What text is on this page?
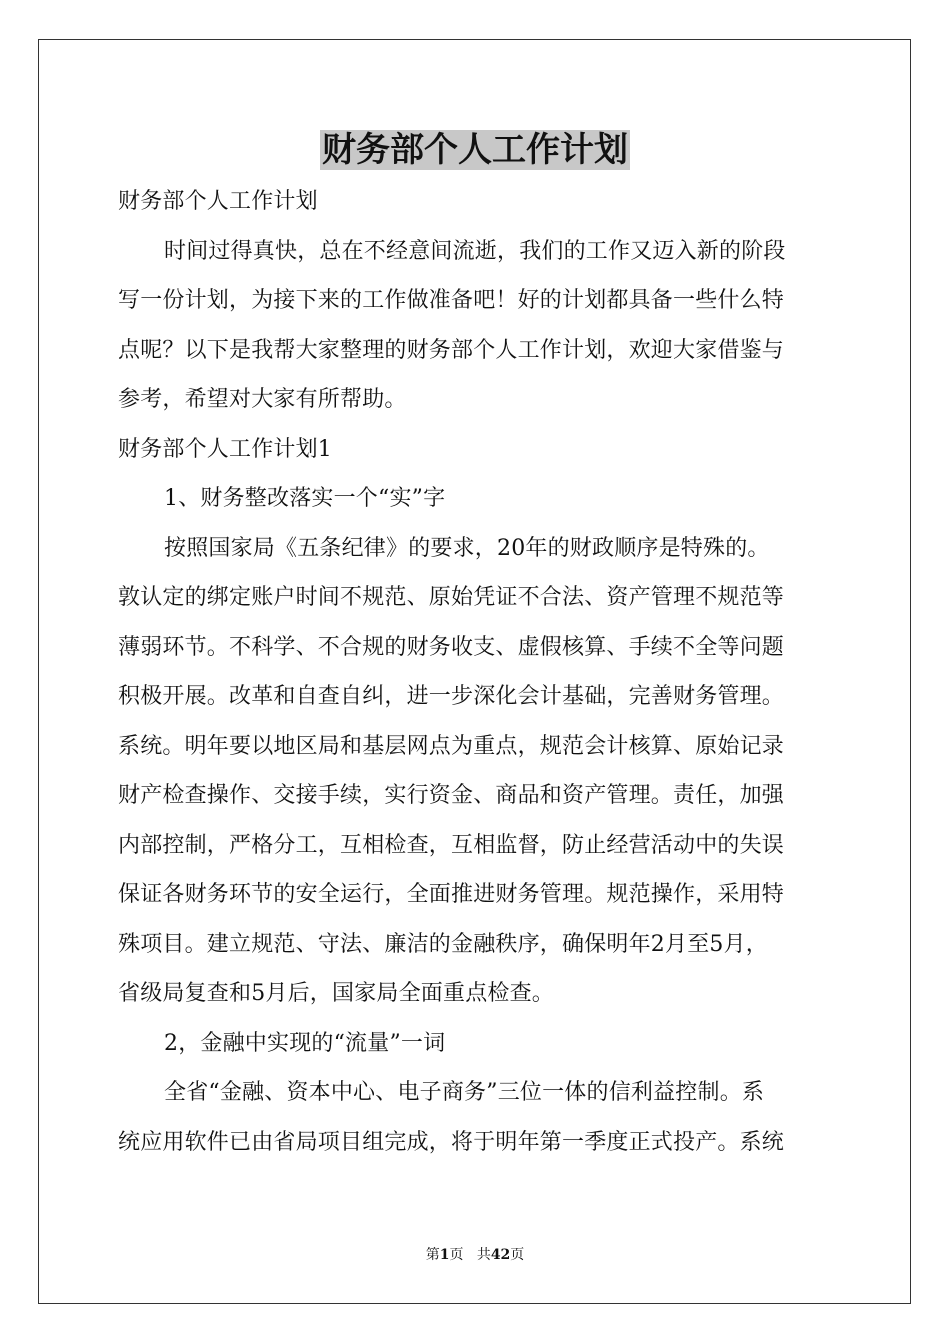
财务部个人工作计划
财务部个人工作计划
时间过得真快，总在不经意间流逝，我们的工作又迈入新的阶段
写一份计划，为接下来的工作做准备吧！好的计划都具备一些什么特
点呢？以下是我帮大家整理的财务部个人工作计划，欢迎大家借鉴与
参考，希望对大家有所帮助。
财务部个人工作计划1
1、财务整改落实一个“实”字
按照国家局《五条纪律》的要求，20年的财政顺序是特殊的。
敦认定的绑定账户时间不规范、原始凭证不合法、资产管理不规范等
薄弱环节。不科学、不合规的财务收支、虚假核算、手续不全等问题
积极开展。改革和自查自纠，进一步深化会计基础，完善财务管理。
系统。明年要以地区局和基层网点为重点，规范会计核算、原始记录
财产检查操作、交接手续，实行资金、商品和资产管理。责任，加强
内部控制，严格分工，互相检查，互相监督，防止经营活动中的失误
保证各财务环节的安全运行，全面推进财务管理。规范操作，采用特
殊项目。建立规范、守法、廉洁的金融秩序，确保明年2月至5月，
省级局复查和5月后，国家局全面重点检查。
2，金融中实现的“流量”一词
全省“金融、资本中心、电子商务”三位一体的信利益控制。系
统应用软件已由省局项目组完成，将于明年第一季度正式投产。系统
第1页 共42页
